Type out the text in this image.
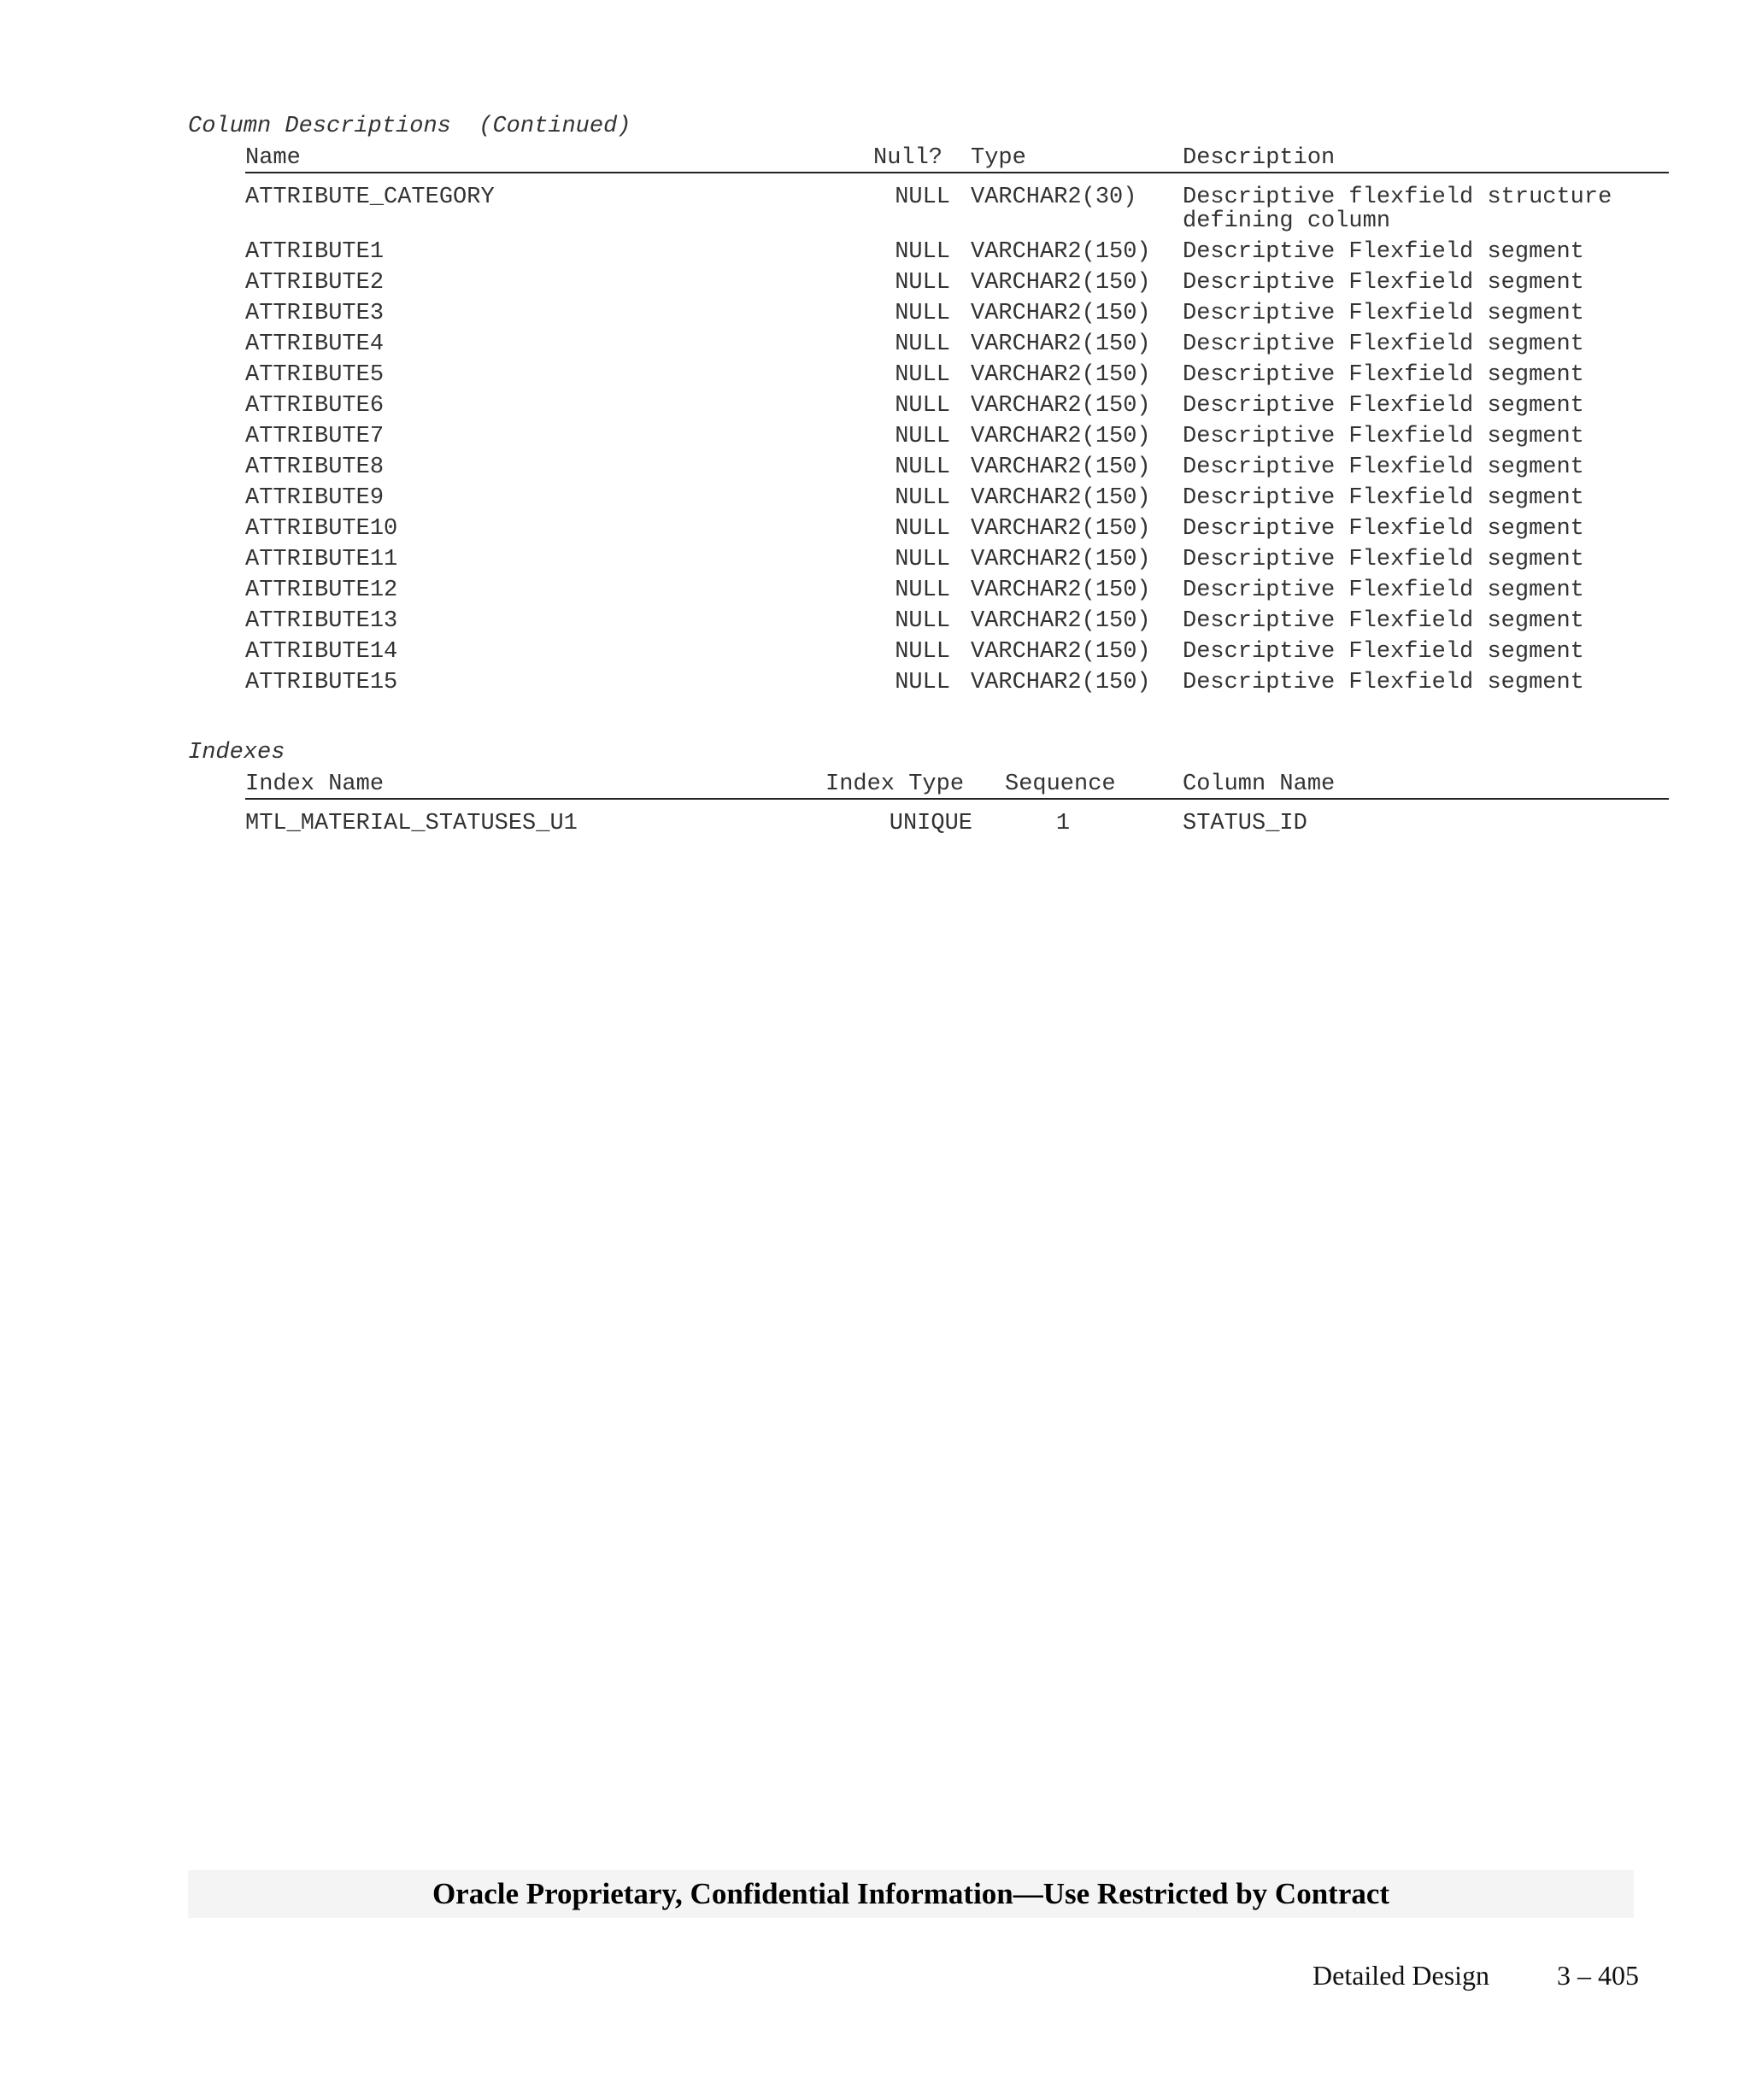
Column Descriptions  (Continued)
Name	Null? Type	Description
ATTRIBUTE_CATEGORY	NULL VARCHAR2(30) Descriptive flexfield structure
defining column
ATTRIBUTE1	NULL VARCHAR2(150) Descriptive Flexfield segment
ATTRIBUTE2	NULL VARCHAR2(150) Descriptive Flexfield segment
ATTRIBUTE3	NULL VARCHAR2(150) Descriptive Flexfield segment
ATTRIBUTE4	NULL VARCHAR2(150) Descriptive Flexfield segment
ATTRIBUTE5	NULL VARCHAR2(150) Descriptive Flexfield segment
ATTRIBUTE6	NULL VARCHAR2(150) Descriptive Flexfield segment
ATTRIBUTE7	NULL VARCHAR2(150) Descriptive Flexfield segment
ATTRIBUTE8	NULL VARCHAR2(150) Descriptive Flexfield segment
ATTRIBUTE9	NULL VARCHAR2(150) Descriptive Flexfield segment
ATTRIBUTE10	NULL VARCHAR2(150) Descriptive Flexfield segment
ATTRIBUTE11	NULL VARCHAR2(150) Descriptive Flexfield segment
ATTRIBUTE12	NULL VARCHAR2(150) Descriptive Flexfield segment
ATTRIBUTE13	NULL VARCHAR2(150) Descriptive Flexfield segment
ATTRIBUTE14	NULL VARCHAR2(150) Descriptive Flexfield segment
ATTRIBUTE15	NULL VARCHAR2(150) Descriptive Flexfield segment
Indexes
Index Name	Index Type Sequence	Column Name
MTL_MATERIAL_STATUSES_U1	UNIQUE	1	STATUS_ID
Oracle Proprietary, Confidential Information––Use Restricted by Contract
Detailed Design 3 – 405
